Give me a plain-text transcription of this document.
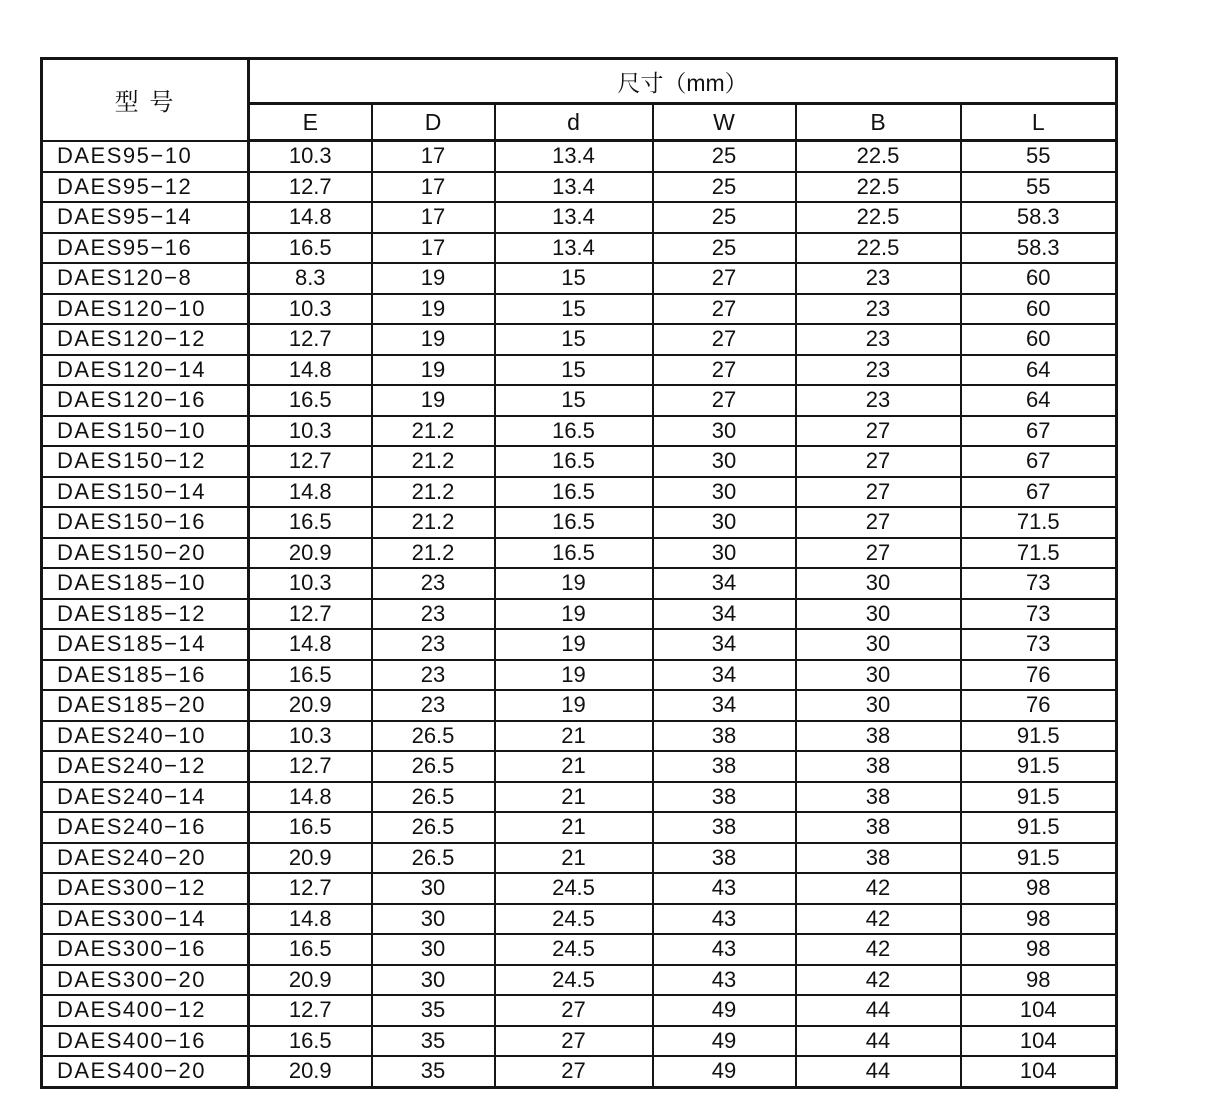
型 号	尺寸（mm）					
	E	D	d	W	B	L
DAES95−10	10.3	17	13.4	25	22.5	55
DAES95−12	12.7	17	13.4	25	22.5	55
DAES95−14	14.8	17	13.4	25	22.5	58.3
DAES95−16	16.5	17	13.4	25	22.5	58.3
DAES120−8	8.3	19	15	27	23	60
DAES120−10	10.3	19	15	27	23	60
DAES120−12	12.7	19	15	27	23	60
DAES120−14	14.8	19	15	27	23	64
DAES120−16	16.5	19	15	27	23	64
DAES150−10	10.3	21.2	16.5	30	27	67
DAES150−12	12.7	21.2	16.5	30	27	67
DAES150−14	14.8	21.2	16.5	30	27	67
DAES150−16	16.5	21.2	16.5	30	27	71.5
DAES150−20	20.9	21.2	16.5	30	27	71.5
DAES185−10	10.3	23	19	34	30	73
DAES185−12	12.7	23	19	34	30	73
DAES185−14	14.8	23	19	34	30	73
DAES185−16	16.5	23	19	34	30	76
DAES185−20	20.9	23	19	34	30	76
DAES240−10	10.3	26.5	21	38	38	91.5
DAES240−12	12.7	26.5	21	38	38	91.5
DAES240−14	14.8	26.5	21	38	38	91.5
DAES240−16	16.5	26.5	21	38	38	91.5
DAES240−20	20.9	26.5	21	38	38	91.5
DAES300−12	12.7	30	24.5	43	42	98
DAES300−14	14.8	30	24.5	43	42	98
DAES300−16	16.5	30	24.5	43	42	98
DAES300−20	20.9	30	24.5	43	42	98
DAES400−12	12.7	35	27	49	44	104
DAES400−16	16.5	35	27	49	44	104
DAES400−20	20.9	35	27	49	44	104
